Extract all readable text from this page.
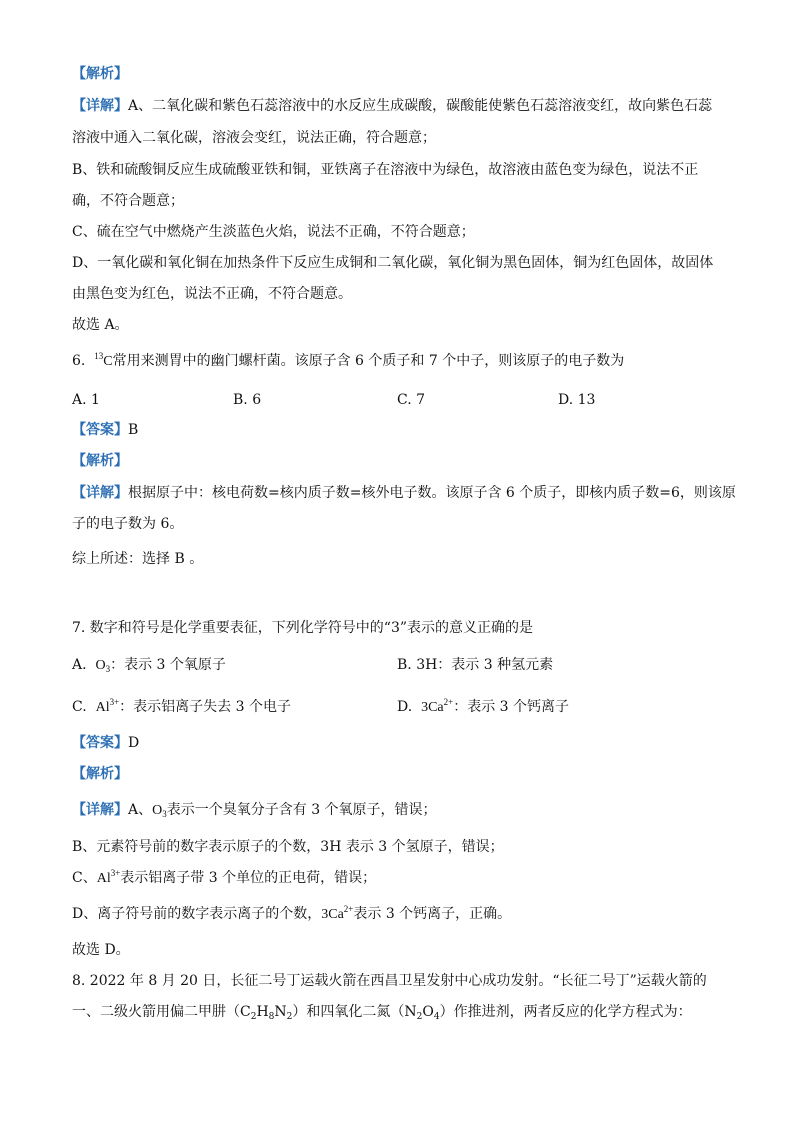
【解析】
【详解】A、二氧化碳和紫色石蕊溶液中的水反应生成碳酸，碳酸能使紫色石蕊溶液变红，故向紫色石蕊
溶液中通入二氧化碳，溶液会变红，说法正确，符合题意；
B、铁和硫酸铜反应生成硫酸亚铁和铜，亚铁离子在溶液中为绿色，故溶液由蓝色变为绿色，说法不正
确，不符合题意；
C、硫在空气中燃烧产生淡蓝色火焰，说法不正确，不符合题意；
D、一氧化碳和氧化铜在加热条件下反应生成铜和二氧化碳，氧化铜为黑色固体，铜为红色固体，故固体
由黑色变为红色，说法不正确，不符合题意。
故选 A。
6. $^{13}$C常用来测胃中的幽门螺杆菌。该原子含 6 个质子和 7 个中子，则该原子的电子数为
A. 1	B. 6	C. 7	D. 13
【答案】B
【解析】
【详解】根据原子中：核电荷数=核内质子数=核外电子数。该原子含 6 个质子，即核内质子数=6，则该原
子的电子数为 6。
综上所述：选择 B 。
7. 数字和符号是化学重要表征，下列化学符号中的“3”表示的意义正确的是
A. $O_3$：表示 3 个氧原子	B. 3H：表示 3 种氢元素
C. $Al^{3+}$：表示铝离子失去 3 个电子	D. $3Ca^{2+}$：表示 3 个钙离子
【答案】D
【解析】
【详解】A、$O_3$表示一个臭氧分子含有 3 个氧原子，错误；
B、元素符号前的数字表示原子的个数，3H 表示 3 个氢原子，错误；
C、$Al^{3+}$表示铝离子带 3 个单位的正电荷，错误；
D、离子符号前的数字表示离子的个数，$3Ca^{2+}$表示 3 个钙离子，正确。
故选 D。
8. 2022 年 8 月 20 日，长征二号丁运载火箭在西昌卫星发射中心成功发射。“长征二号丁”运载火箭的
一、二级火箭用偏二甲肼$(C_2H_8N_2)$和四氧化二氮$(N_2O_4)$作推进剂，两者反应的化学方程式为：
